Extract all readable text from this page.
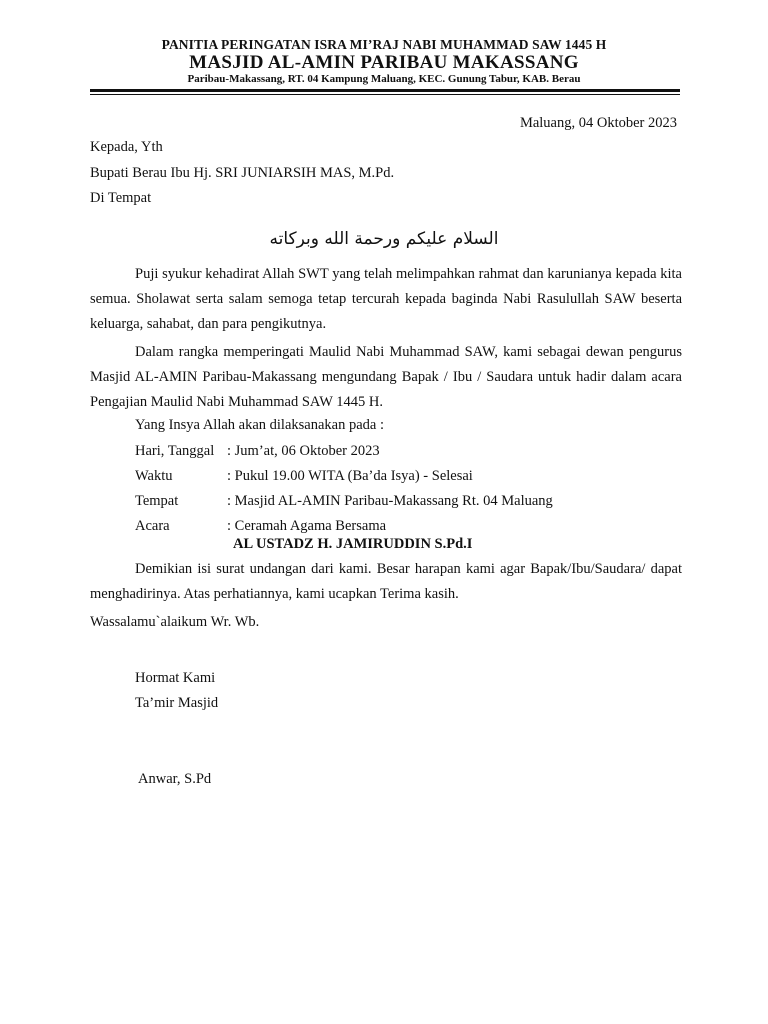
PANITIA PERINGATAN ISRA MI’RAJ NABI MUHAMMAD SAW 1445 H
MASJID AL-AMIN PARIBAU MAKASSANG
Paribau-Makassang, RT. 04 Kampung Maluang, KEC. Gunung Tabur, KAB. Berau
Maluang, 04 Oktober 2023
Kepada, Yth
Bupati Berau Ibu Hj. SRI JUNIARSIH MAS, M.Pd.
Di Tempat
السلام عليكم ورحمة الله وبركاته
Puji syukur kehadirat Allah SWT yang telah melimpahkan rahmat dan karunianya kepada kita semua. Sholawat serta salam semoga tetap tercurah kepada baginda Nabi Rasulullah SAW beserta keluarga, sahabat, dan para pengikutnya.
Dalam rangka memperingati Maulid Nabi Muhammad SAW, kami sebagai dewan pengurus Masjid AL-AMIN Paribau-Makassang mengundang Bapak / Ibu / Saudara untuk hadir dalam acara Pengajian Maulid Nabi Muhammad SAW 1445 H.
Yang Insya Allah akan dilaksanakan pada :
Hari, Tanggal : Jum’at, 06 Oktober 2023
Waktu	: Pukul 19.00 WITA (Ba’da Isya) - Selesai
Tempat	: Masjid AL-AMIN Paribau-Makassang Rt. 04 Maluang
Acara	: Ceramah Agama Bersama
AL USTADZ H. JAMIRUDDIN S.Pd.I
Demikian isi surat undangan dari kami. Besar harapan kami agar Bapak/Ibu/Saudara/ dapat menghadirinya. Atas perhatiannya, kami ucapkan Terima kasih.
Wassalamu`alaikum Wr. Wb.
Hormat Kami
Ta’mir Masjid
Anwar, S.Pd
